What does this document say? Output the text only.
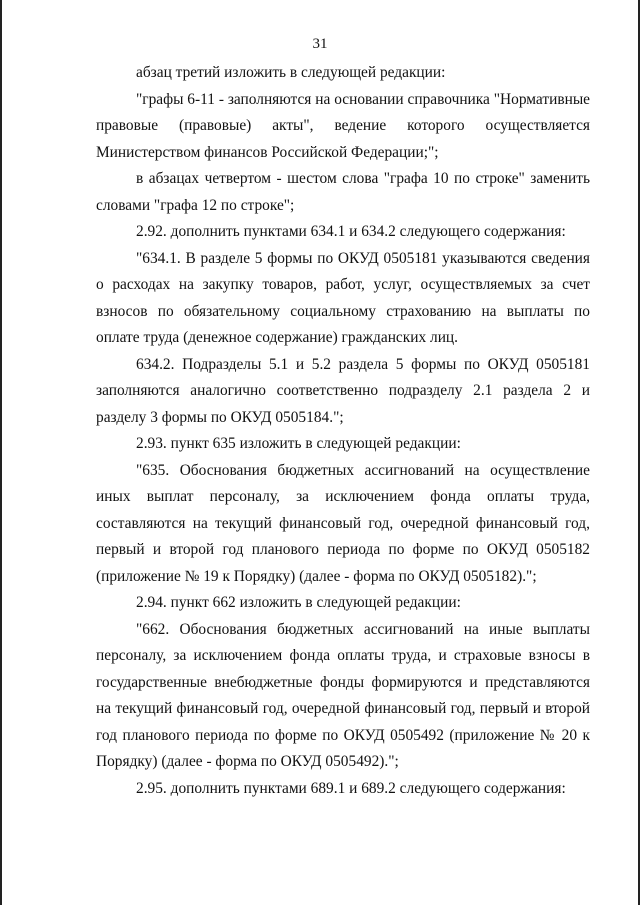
31

абзац третий изложить в следующей редакции:

"графы 6-11 - заполняются на основании справочника "Нормативные правовые (правовые) акты", ведение которого осуществляется Министерством финансов Российской Федерации;";

в абзацах четвертом - шестом слова "графа 10 по строке" заменить словами "графа 12 по строке";

2.92. дополнить пунктами 634.1 и 634.2 следующего содержания:

"634.1. В разделе 5 формы по ОКУД 0505181 указываются сведения о расходах на закупку товаров, работ, услуг, осуществляемых за счет взносов по обязательному социальному страхованию на выплаты по оплате труда (денежное содержание) гражданских лиц.

634.2. Подразделы 5.1 и 5.2 раздела 5 формы по ОКУД 0505181 заполняются аналогично соответственно подразделу 2.1 раздела 2 и разделу 3 формы по ОКУД 0505184.";

2.93. пункт 635 изложить в следующей редакции:

"635. Обоснования бюджетных ассигнований на осуществление иных выплат персоналу, за исключением фонда оплаты труда, составляются на текущий финансовый год, очередной финансовый год, первый и второй год планового периода по форме по ОКУД 0505182 (приложение № 19 к Порядку) (далее - форма по ОКУД 0505182).";

2.94. пункт 662 изложить в следующей редакции:

"662. Обоснования бюджетных ассигнований на иные выплаты персоналу, за исключением фонда оплаты труда, и страховые взносы в государственные внебюджетные фонды формируются и представляются на текущий финансовый год, очередной финансовый год, первый и второй год планового периода по форме по ОКУД 0505492 (приложение № 20 к Порядку) (далее - форма по ОКУД 0505492).";

2.95. дополнить пунктами 689.1 и 689.2 следующего содержания:
